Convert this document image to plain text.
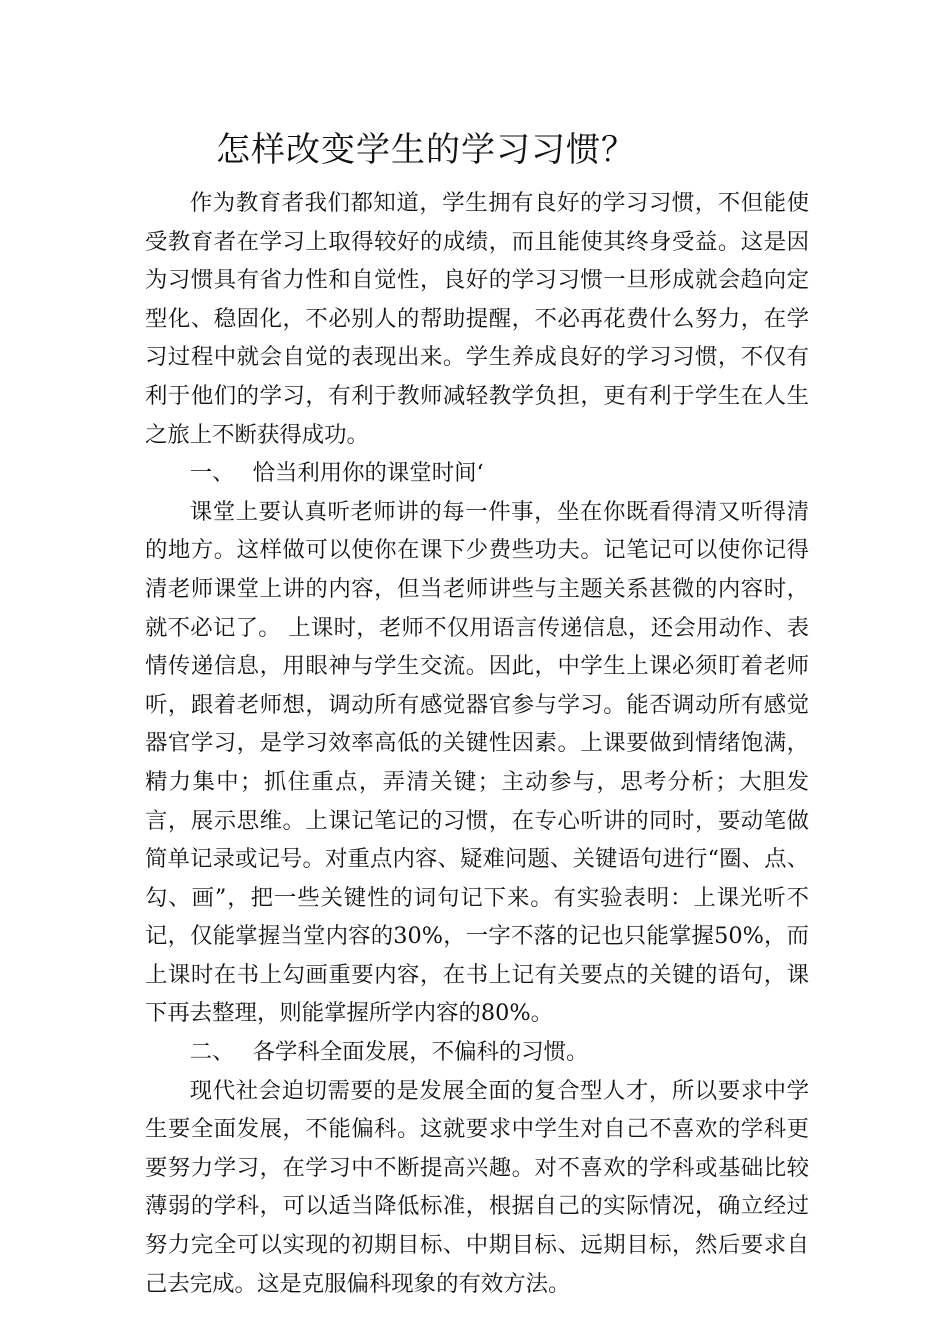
怎样改变学生的学习习惯？

作为教育者我们都知道，学生拥有良好的学习习惯，不但能使受教育者在学习上取得较好的成绩，而且能使其终身受益。这是因为习惯具有省力性和自觉性，良好的学习习惯一旦形成就会趋向定型化、稳固化，不必别人的帮助提醒，不必再花费什么努力，在学习过程中就会自觉的表现出来。学生养成良好的学习习惯，不仅有利于他们的学习，有利于教师减轻教学负担，更有利于学生在人生之旅上不断获得成功。

一、 恰当利用你的课堂时间‘

课堂上要认真听老师讲的每一件事，坐在你既看得清又听得清的地方。这样做可以使你在课下少费些功夫。记笔记可以使你记得清老师课堂上讲的内容，但当老师讲些与主题关系甚微的内容时，就不必记了。 上课时，老师不仅用语言传递信息，还会用动作、表情传递信息，用眼神与学生交流。因此，中学生上课必须盯着老师听，跟着老师想，调动所有感觉器官参与学习。能否调动所有感觉器官学习，是学习效率高低的关键性因素。上课要做到情绪饱满，精力集中；抓住重点，弄清关键；主动参与，思考分析；大胆发言，展示思维。上课记笔记的习惯，在专心听讲的同时，要动笔做简单记录或记号。对重点内容、疑难问题、关键语句进行“圈、点、勾、画”，把一些关键性的词句记下来。有实验表明：上课光听不记，仅能掌握当堂内容的30%，一字不落的记也只能掌握50%，而上课时在书上勾画重要内容，在书上记有关要点的关键的语句，课下再去整理，则能掌握所学内容的80%。

二、 各学科全面发展，不偏科的习惯。

现代社会迫切需要的是发展全面的复合型人才，所以要求中学生要全面发展，不能偏科。这就要求中学生对自己不喜欢的学科更要努力学习，在学习中不断提高兴趣。对不喜欢的学科或基础比较薄弱的学科，可以适当降低标准，根据自己的实际情况，确立经过努力完全可以实现的初期目标、中期目标、远期目标，然后要求自己去完成。这是克服偏科现象的有效方法。
